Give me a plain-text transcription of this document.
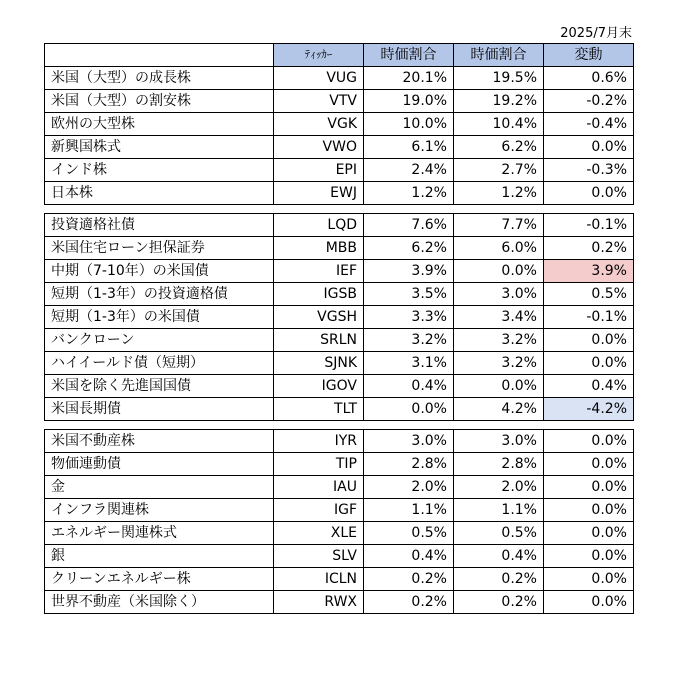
2025/7月末
	ﾃｨｯｶｰ	時価割合	時価割合	変動
米国（大型）の成長株	VUG	20.1%	19.5%	0.6%
米国（大型）の割安株	VTV	19.0%	19.2%	-0.2%
欧州の大型株	VGK	10.0%	10.4%	-0.4%
新興国株式	VWO	6.1%	6.2%	0.0%
インド株	EPI	2.4%	2.7%	-0.3%
日本株	EWJ	1.2%	1.2%	0.0%

投資適格社債	LQD	7.6%	7.7%	-0.1%
米国住宅ローン担保証券	MBB	6.2%	6.0%	0.2%
中期（7-10年）の米国債	IEF	3.9%	0.0%	3.9%
短期（1-3年）の投資適格債	IGSB	3.5%	3.0%	0.5%
短期（1-3年）の米国債	VGSH	3.3%	3.4%	-0.1%
バンクローン	SRLN	3.2%	3.2%	0.0%
ハイイールド債（短期）	SJNK	3.1%	3.2%	0.0%
米国を除く先進国国債	IGOV	0.4%	0.0%	0.4%
米国長期債	TLT	0.0%	4.2%	-4.2%

米国不動産株	IYR	3.0%	3.0%	0.0%
物価連動債	TIP	2.8%	2.8%	0.0%
金	IAU	2.0%	2.0%	0.0%
インフラ関連株	IGF	1.1%	1.1%	0.0%
エネルギー関連株式	XLE	0.5%	0.5%	0.0%
銀	SLV	0.4%	0.4%	0.0%
クリーンエネルギー株	ICLN	0.2%	0.2%	0.0%
世界不動産（米国除く）	RWX	0.2%	0.2%	0.0%
